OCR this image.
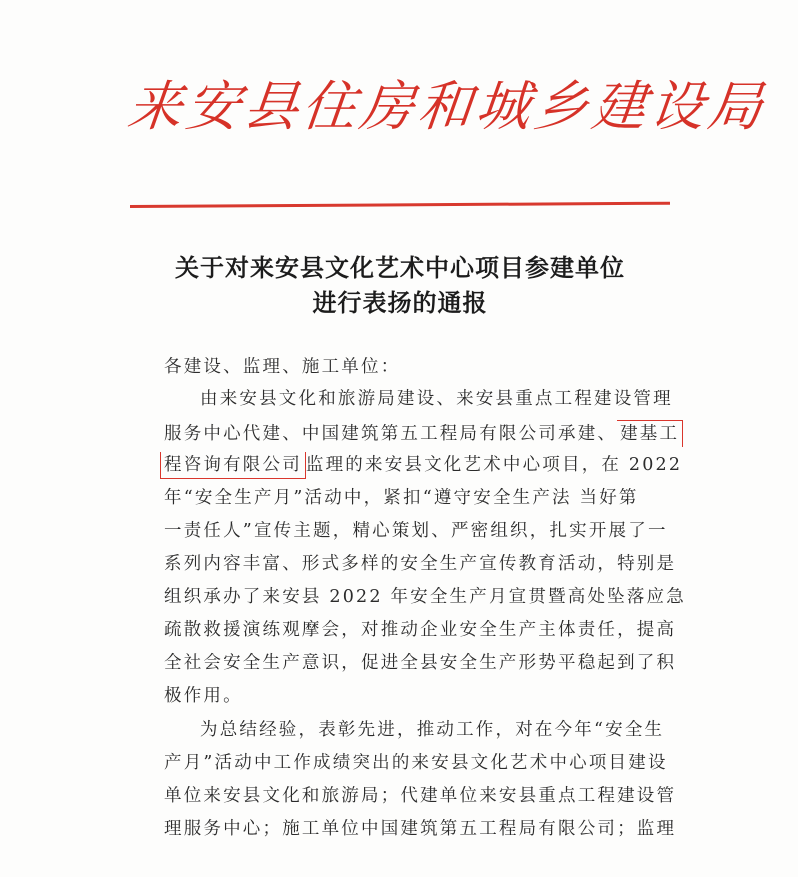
来安县住房和城乡建设局
关于对来安县文化艺术中心项目参建单位
进行表扬的通报
各建设、监理、施工单位：
由来安县文化和旅游局建设、来安县重点工程建设管理
服务中心代建、中国建筑第五工程局有限公司承建、 建基工
程咨询有限公司 监理的来安县文化艺术中心项目，在 2022
年“安全生产月”活动中，紧扣“遵守安全生产法 当好第
一责任人”宣传主题，精心策划、严密组织，扎实开展了一
系列内容丰富、形式多样的安全生产宣传教育活动，特别是
组织承办了来安县 2022 年安全生产月宣贯暨高处坠落应急
疏散救援演练观摩会，对推动企业安全生产主体责任，提高
全社会安全生产意识，促进全县安全生产形势平稳起到了积
极作用。
为总结经验，表彰先进，推动工作，对在今年“安全生
产月”活动中工作成绩突出的来安县文化艺术中心项目建设
单位来安县文化和旅游局；代建单位来安县重点工程建设管
理服务中心；施工单位中国建筑第五工程局有限公司；监理
